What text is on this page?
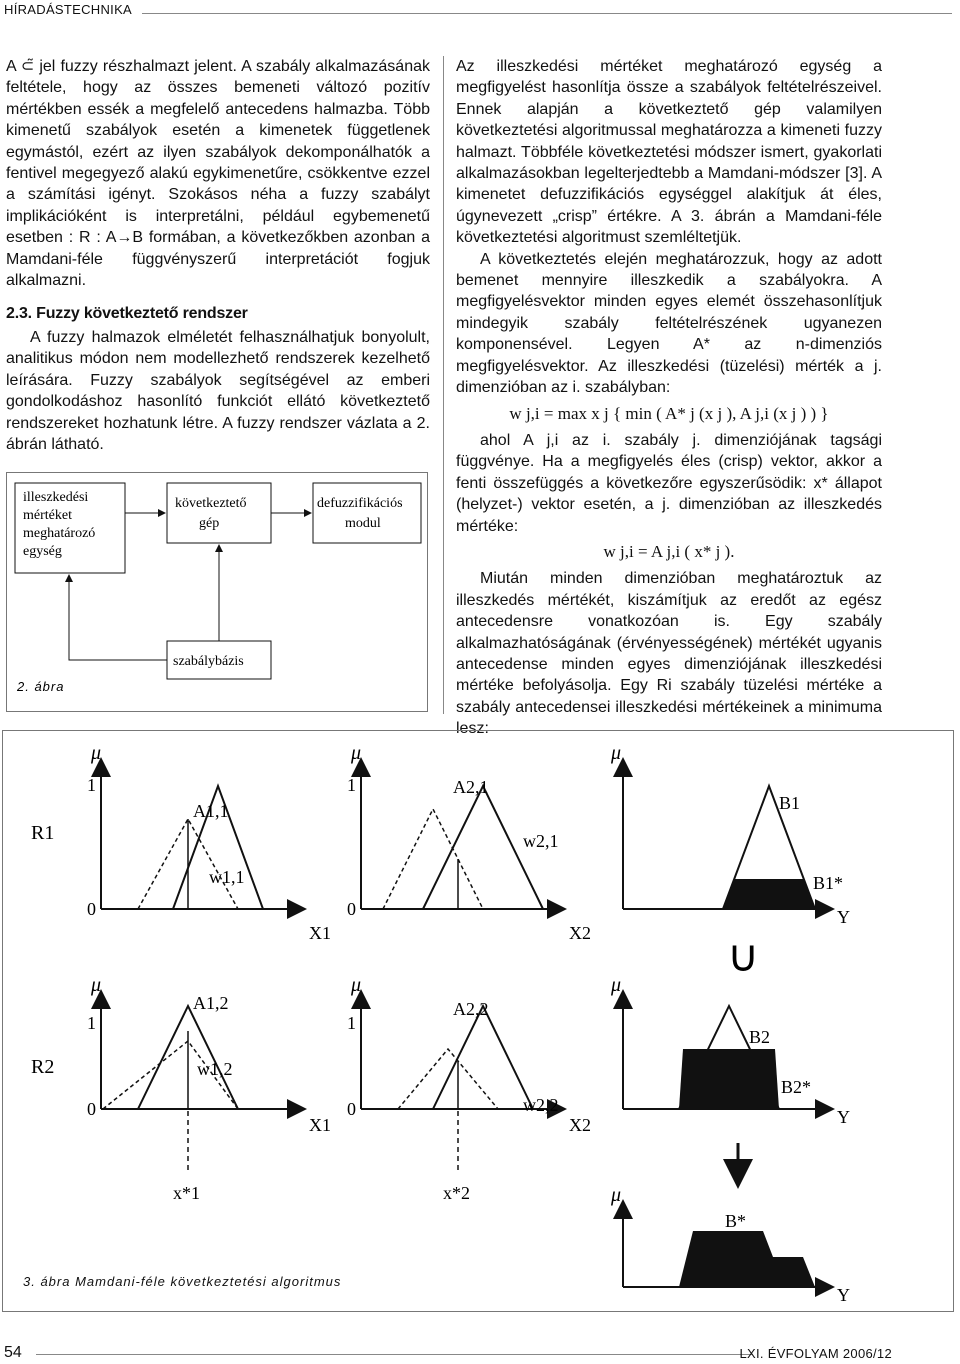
HÍRADÁSTECHNIKA

A ⊂̃ jel fuzzy részhalmazt jelent. A szabály alkalmazásának feltétele, hogy az összes bemeneti változó pozitív mértékben essék a megfelelő antecedens halmazba. Több kimenetű szabályok esetén a kimenetek függetlenek egymástól, ezért az ilyen szabályok dekomponálhatók a fentivel megegyező alakú egykimenetűre, csökkentve ezzel a számítási igényt. Szokásos néha a fuzzy szabályt implikációként is interpretálni, például egybemenetű esetben : R : A→B formában, a következőkben azonban a Mamdani-féle függvényszerű interpretációt fogjuk alkalmazni.

2.3. Fuzzy következtető rendszer

A fuzzy halmazok elméletét felhasználhatjuk bonyolult, analitikus módon nem modellezhető rendszerek kezelhető leírására. Fuzzy szabályok segítségével az emberi gondolkodáshoz hasonlító funkciót ellátó következtető rendszereket hozhatunk létre. A fuzzy rendszer vázlata a 2. ábrán látható.

illeszkedési mértéket meghatározó egység
következtető gép
defuzzifikációs modul
szabálybázis
2. ábra

Az illeszkedési mértéket meghatározó egység a megfigyelést hasonlítja össze a szabályok feltételrészeivel. Ennek alapján a következtető gép valamilyen következtetési algoritmussal meghatározza a kimeneti fuzzy halmazt. Többféle következtetési módszer ismert, gyakorlati alkalmazásokban legelterjedtebb a Mamdani-módszer [3]. A kimenetet defuzzifikációs egységgel alakítjuk át éles, úgynevezett „crisp” értékre. A 3. ábrán a Mamdani-féle következtetési algoritmust szemléltetjük.

A következtetés elején meghatározzuk, hogy az adott bemenet mennyire illeszkedik a szabályokra. A megfigyelésvektor minden egyes elemét összehasonlítjuk mindegyik szabály feltételrészének ugyanezen komponensével. Legyen A* az n-dimenziós megfigyelésvektor. Az illeszkedési (tüzelési) mérték a j. dimenzióban az i. szabályban:

w j,i = max x j { min ( A* j (x j ), A j,i (x j ) ) }

ahol A j,i az i. szabály j. dimenziójának tagsági függvénye. Ha a megfigyelés éles (crisp) vektor, akkor a fenti összefüggés a következőre egyszerűsödik: x* állapot (helyzet-) vektor esetén, a j. dimenzióban az illeszkedés mértéke:

w j,i = A j,i ( x* j ).

Miután minden dimenzióban meghatároztuk az illeszkedés mértékét, kiszámítjuk az eredőt az egész antecedensre vonatkozóan is. Egy szabály alkalmazhatóságának (érvényességének) mértékét ugyanis antecedense minden egyes dimenziójának illeszkedési mértéke befolyásolja. Egy Ri szabály tüzelési mértéke a szabály antecedensei illeszkedési mértékeinek a minimuma lesz:

μ
1
0
R1
A1,1
w1,1
X1
μ
1
0
A2,1
w2,1
X2
μ
B1
B1*
Y
∪
μ
1
0
R2
A1,2
w1,2
X1
μ
1
0
A2,2
w2,2
X2
μ
B2
B2*
Y
x*1	x*2	μ
B*
Y
3. ábra Mamdani-féle következtetési algoritmus
54	LXI. ÉVFOLYAM 2006/12
